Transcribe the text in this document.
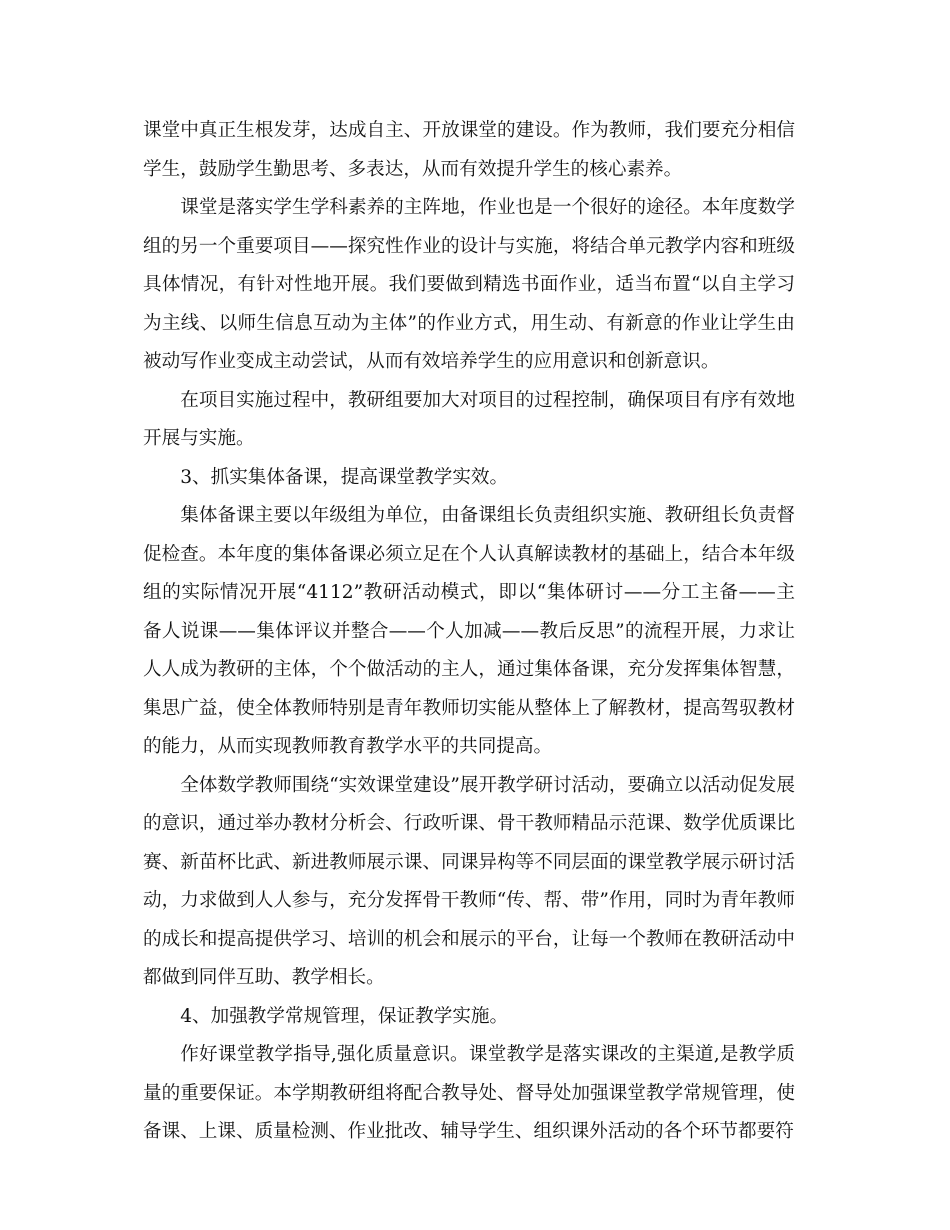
课堂中真正生根发芽，达成自主、开放课堂的建设。作为教师，我们要充分相信学生，鼓励学生勤思考、多表达，从而有效提升学生的核心素养。

课堂是落实学生学科素养的主阵地，作业也是一个很好的途径。本年度数学组的另一个重要项目——探究性作业的设计与实施，将结合单元教学内容和班级具体情况，有针对性地开展。我们要做到精选书面作业，适当布置“以自主学习为主线、以师生信息互动为主体”的作业方式，用生动、有新意的作业让学生由被动写作业变成主动尝试，从而有效培养学生的应用意识和创新意识。

在项目实施过程中，教研组要加大对项目的过程控制，确保项目有序有效地开展与实施。

3、抓实集体备课，提高课堂教学实效。

集体备课主要以年级组为单位，由备课组长负责组织实施、教研组长负责督促检查。本年度的集体备课必须立足在个人认真解读教材的基础上，结合本年级组的实际情况开展“4112”教研活动模式，即以“集体研讨——分工主备——主备人说课——集体评议并整合——个人加减——教后反思”的流程开展，力求让人人成为教研的主体，个个做活动的主人，通过集体备课，充分发挥集体智慧，集思广益，使全体教师特别是青年教师切实能从整体上了解教材，提高驾驭教材的能力，从而实现教师教育教学水平的共同提高。

全体数学教师围绕“实效课堂建设”展开教学研讨活动，要确立以活动促发展的意识，通过举办教材分析会、行政听课、骨干教师精品示范课、数学优质课比赛、新苗杯比武、新进教师展示课、同课异构等不同层面的课堂教学展示研讨活动，力求做到人人参与，充分发挥骨干教师“传、帮、带”作用，同时为青年教师的成长和提高提供学习、培训的机会和展示的平台，让每一个教师在教研活动中都做到同伴互助、教学相长。

4、加强教学常规管理，保证教学实施。

作好课堂教学指导,强化质量意识。课堂教学是落实课改的主渠道,是教学质量的重要保证。本学期教研组将配合教导处、督导处加强课堂教学常规管理，使备课、上课、质量检测、作业批改、辅导学生、组织课外活动的各个环节都要符
